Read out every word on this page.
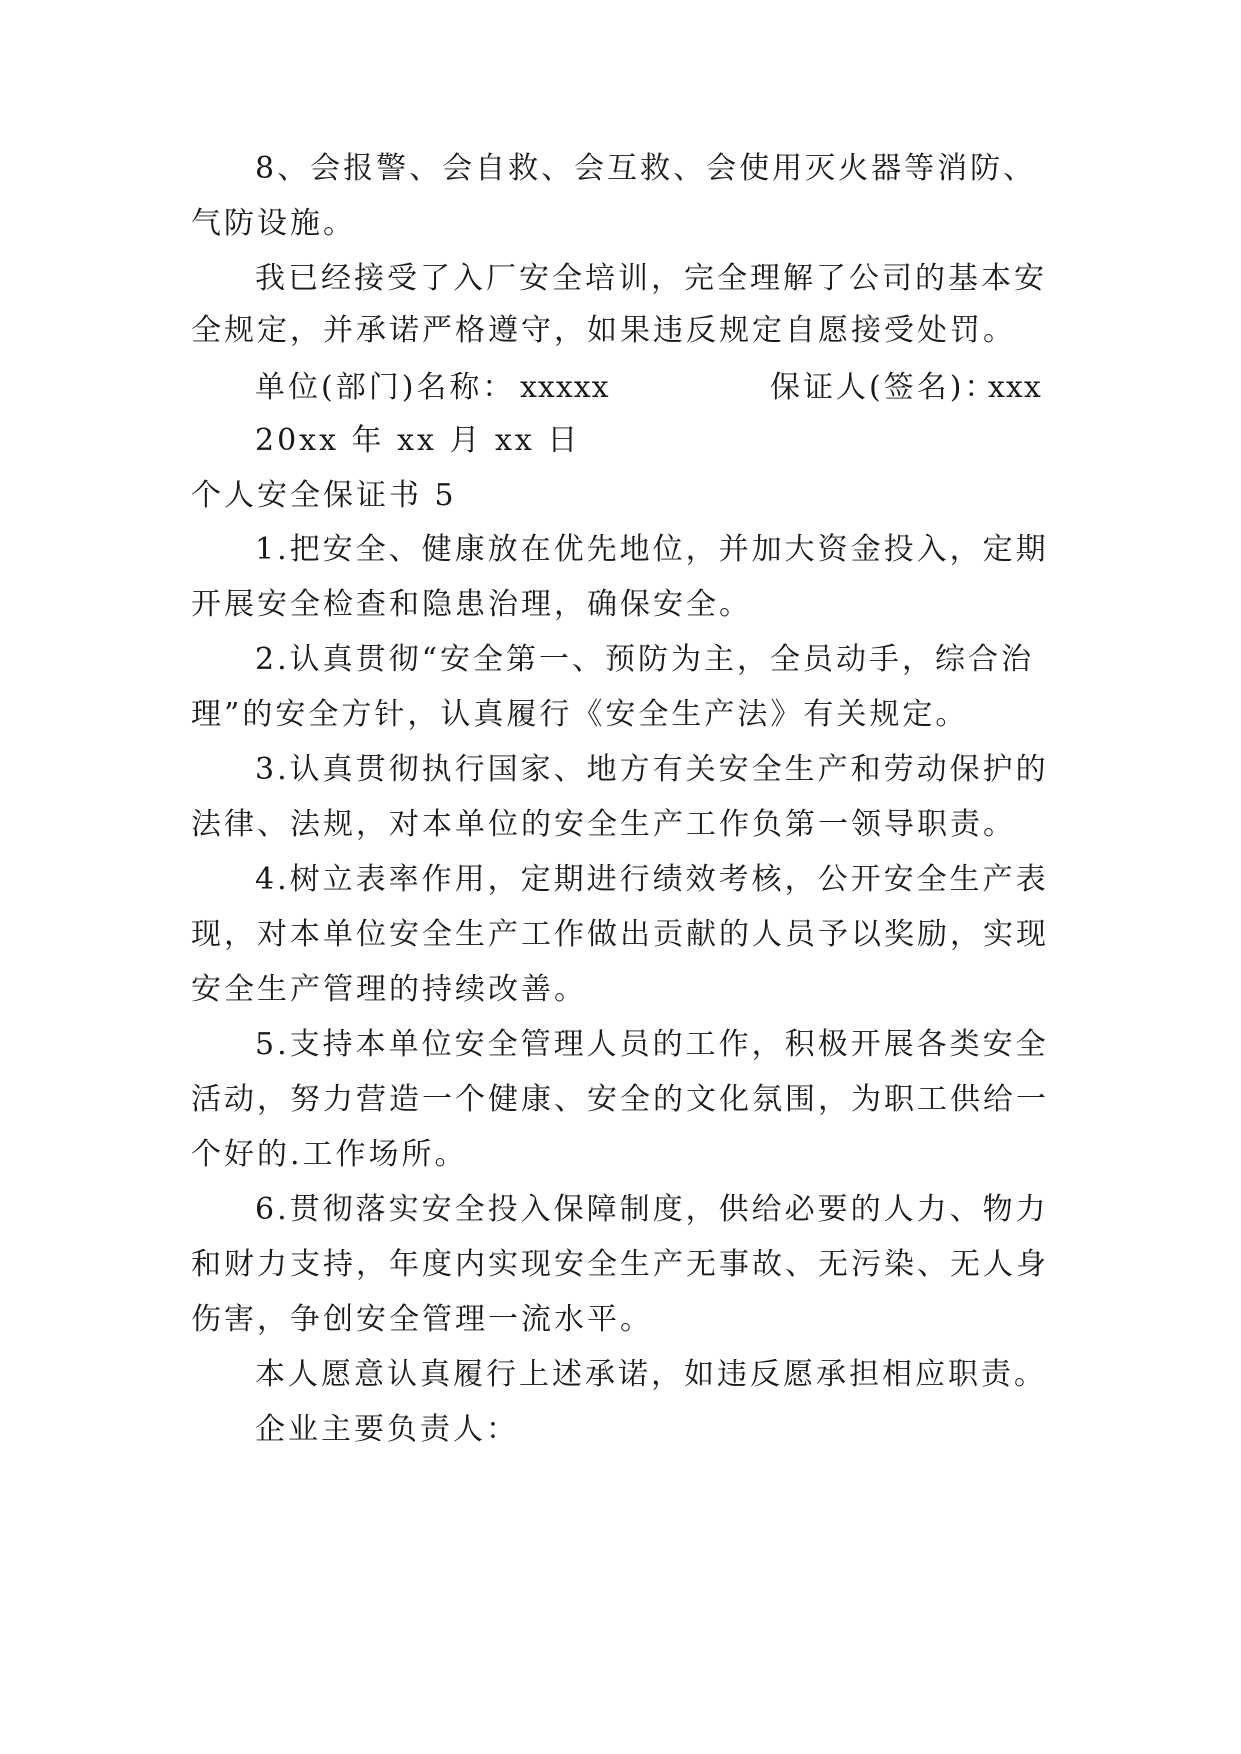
8、会报警、会自救、会互救、会使用灭火器等消防、
气防设施。
我已经接受了入厂安全培训，完全理解了公司的基本安
全规定，并承诺严格遵守，如果违反规定自愿接受处罚。
单位(部门)名称： xxxxx	保证人(签名)：
xxx
20xx 年 xx 月 xx 日
个人安全保证书 5
1.把安全、健康放在优先地位，并加大资金投入，定期
开展安全检查和隐患治理，确保安全。
2.认真贯彻“安全第一、预防为主，全员动手，综合治
理”的安全方针，认真履行《安全生产法》有关规定。
3.认真贯彻执行国家、地方有关安全生产和劳动保护的
法律、法规，对本单位的安全生产工作负第一领导职责。
4.树立表率作用，定期进行绩效考核，公开安全生产表
现，对本单位安全生产工作做出贡献的人员予以奖励，实现
安全生产管理的持续改善。
5.支持本单位安全管理人员的工作，积极开展各类安全
活动，努力营造一个健康、安全的文化氛围，为职工供给一
个好的.工作场所。
6.贯彻落实安全投入保障制度，供给必要的人力、物力
和财力支持，年度内实现安全生产无事故、无污染、无人身
伤害，争创安全管理一流水平。
本人愿意认真履行上述承诺，如违反愿承担相应职责。
企业主要负责人：
